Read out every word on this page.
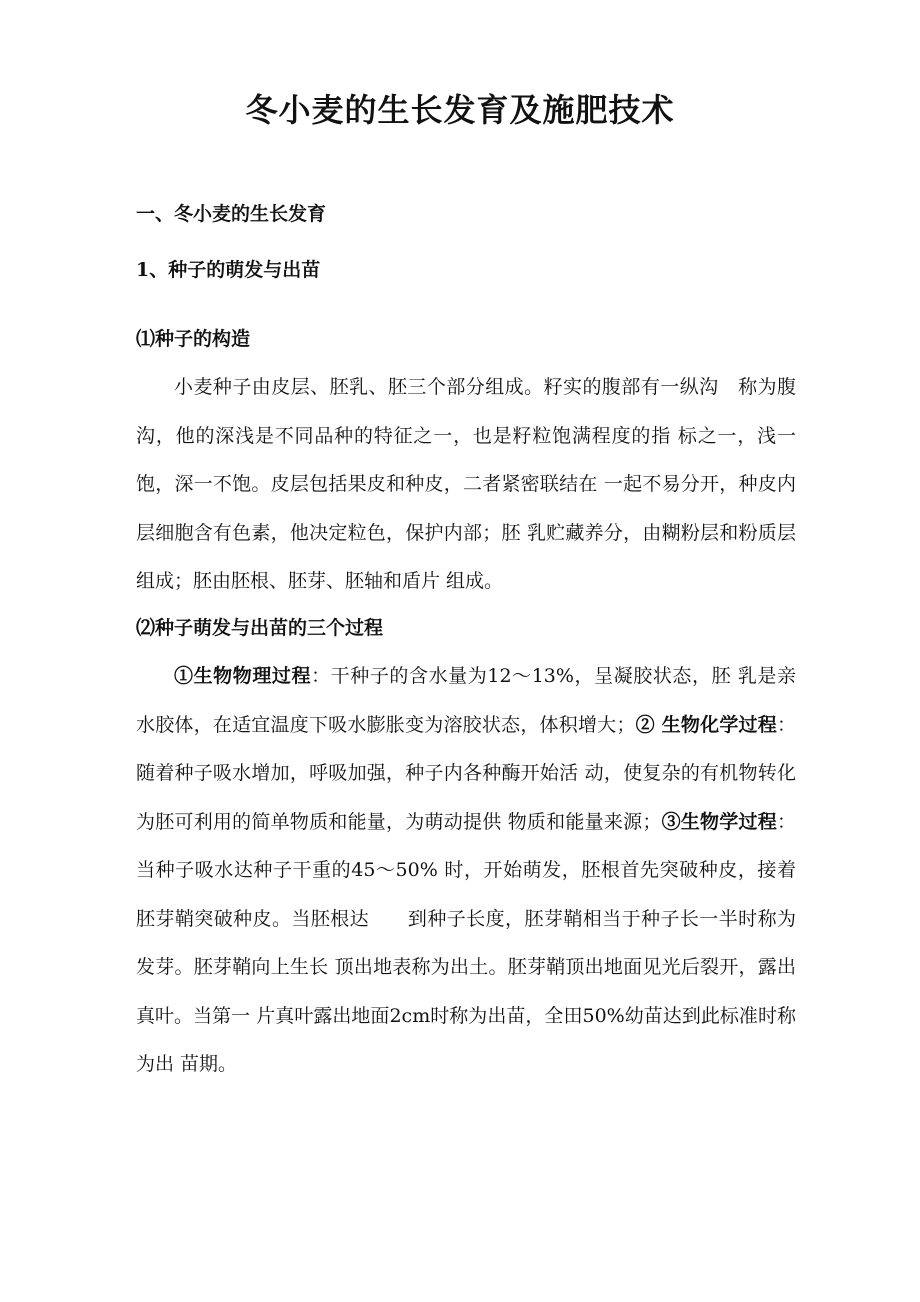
冬小麦的生长发育及施肥技术
一、冬小麦的生长发育
1、种子的萌发与出苗
⑴种子的构造

小麦种子由皮层、胚乳、胚三个部分组成。籽实的腹部有一纵沟　称为腹沟，他的深浅是不同品种的特征之一，也是籽粒饱满程度的指 标之一，浅一饱，深一不饱。皮层包括果皮和种皮，二者紧密联结在 一起不易分开，种皮内层细胞含有色素，他决定粒色，保护内部；胚 乳贮藏养分，由糊粉层和粉质层组成；胚由胚根、胚芽、胚轴和盾片 组成。

⑵种子萌发与出苗的三个过程

①生物物理过程：干种子的含水量为12〜13%，呈凝胶状态，胚 乳是亲水胶体，在适宜温度下吸水膨胀变为溶胶状态，体积增大；② 生物化学过程：随着种子吸水增加，呼吸加强，种子内各种酶开始活 动，使复杂的有机物转化为胚可利用的简单物质和能量，为萌动提供 物质和能量来源；③生物学过程：当种子吸水达种子干重的45〜50% 时，开始萌发，胚根首先突破种皮，接着胚芽鞘突破种皮。当胚根达　　到种子长度，胚芽鞘相当于种子长一半时称为发芽。胚芽鞘向上生长 顶出地表称为出土。胚芽鞘顶出地面见光后裂开，露出真叶。当第一 片真叶露出地面2cm时称为出苗，全田50%幼苗达到此标准时称为出 苗期。
